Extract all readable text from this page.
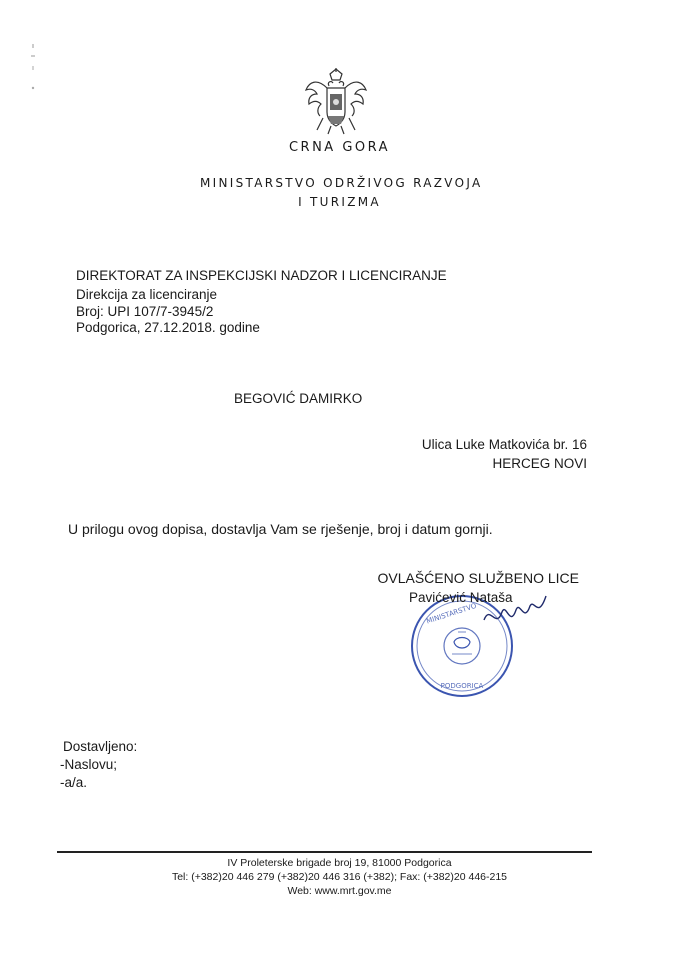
CRNA GORA
MINISTARSTVO ODRŽIVOG RAZVOJA
I TURIZMA
DIREKTORAT ZA INSPEKCIJSKI NADZOR I LICENCIRANJE
Direkcija za licenciranje
Broj: UPI 107/7-3945/2
Podgorica, 27.12.2018. godine
BEGOVIĆ DAMIRKO
Ulica Luke Matkovića br. 16
HERCEG NOVI
U prilogu ovog dopisa, dostavlja Vam se rješenje, broj i datum gornji.
MINISTARSTVO
PODGORICA
OVLAŠĆENO SLUŽBENO LICE
Pavićević Nataša
Dostavljeno:
-Naslovu;
-a/a.
IV Proleterske brigade broj 19, 81000 Podgorica
Tel: (+382)20 446 279 (+382)20 446 316 (+382); Fax: (+382)20 446-215
Web: www.mrt.gov.me
